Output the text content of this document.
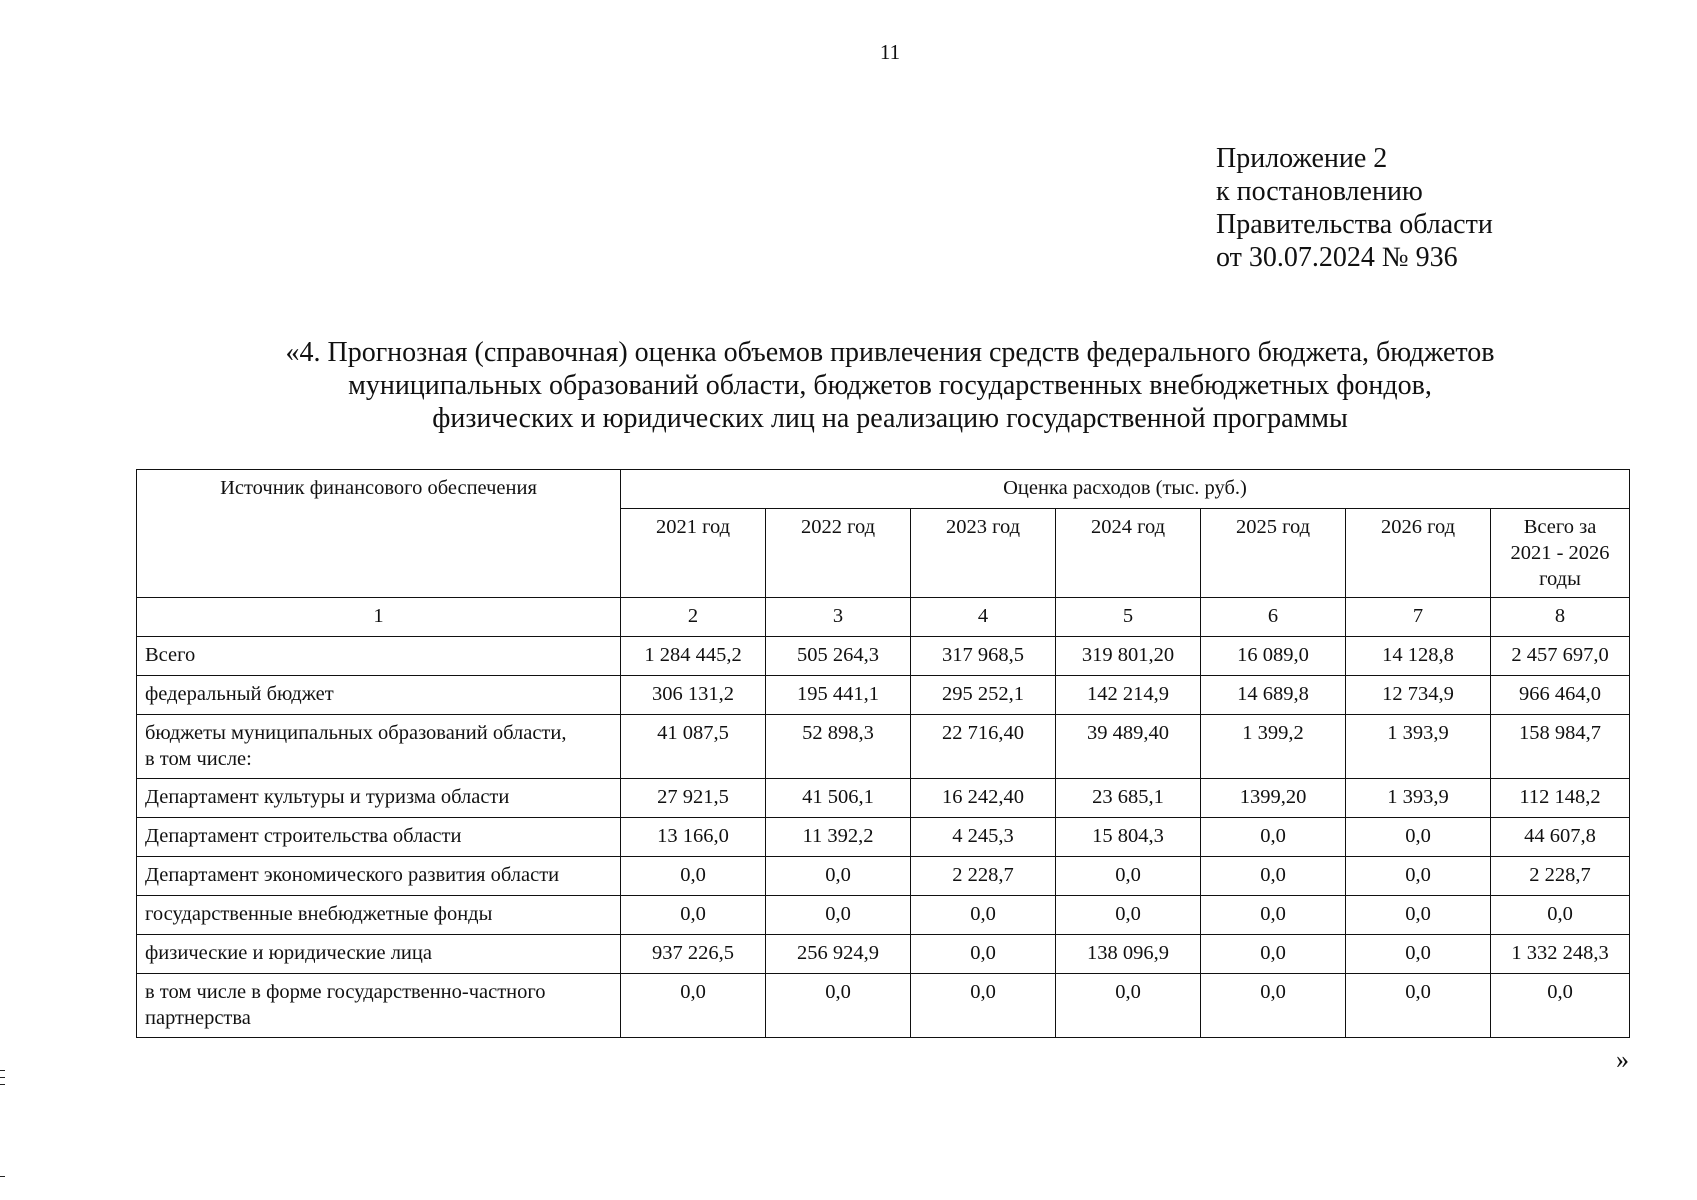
11
Приложение 2
к постановлению
Правительства области
от 30.07.2024 № 936
«4. Прогнозная (справочная) оценка объемов привлечения средств федерального бюджета, бюджетов
муниципальных образований области, бюджетов государственных внебюджетных фондов,
физических и юридических лиц на реализацию государственной программы
Источник финансового обеспечения	Оценка расходов (тыс. руб.)						
	2021 год	2022 год	2023 год	2024 год	2025 год	2026 год	Всего за
2021 - 2026
годы

1	2	3	4	5	6	7	8
Всего	1 284 445,2	505 264,3	317 968,5	319 801,20	16 089,0	14 128,8	2 457 697,0
федеральный бюджет	306 131,2	195 441,1	295 252,1	142 214,9	14 689,8	12 734,9	966 464,0

бюджеты муниципальных образований области,
в том числе:	41 087,5	52 898,3	22 716,40	39 489,40	1 399,2	1 393,9	158 984,7
Департамент культуры и туризма области	27 921,5	41 506,1	16 242,40	23 685,1	1399,20	1 393,9	112 148,2
Департамент строительства области	13 166,0	11 392,2	4 245,3	15 804,3	0,0	0,0	44 607,8
Департамент экономического развития области	0,0	0,0	2 228,7	0,0	0,0	0,0	2 228,7
государственные внебюджетные фонды	0,0	0,0	0,0	0,0	0,0	0,0	0,0
физические и юридические лица	937 226,5	256 924,9	0,0	138 096,9	0,0	0,0	1 332 248,3

в том числе в форме государственно-частного
партнерства	0,0	0,0	0,0	0,0	0,0	0,0	0,0
»
